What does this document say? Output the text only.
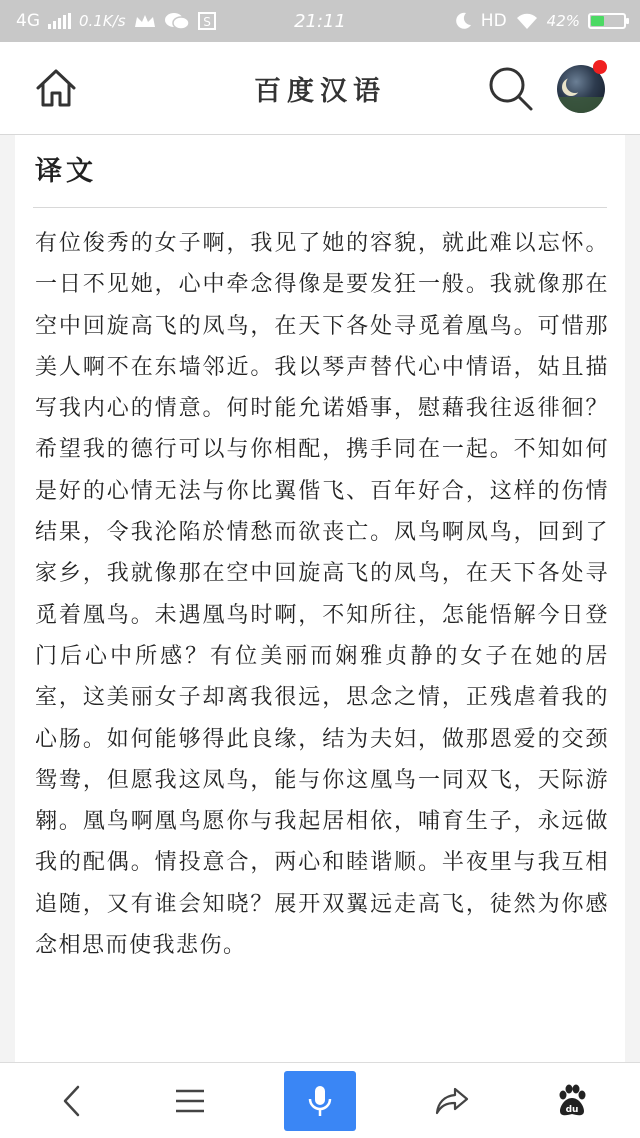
4G	0.1K/s	S	21:11	HD	42%
百度汉语
译文
有位俊秀的女子啊，我见了她的容貌，就此难以忘怀。一日不见她，心中牵念得像是要发狂一般。我就像那在空中回旋高飞的凤鸟，在天下各处寻觅着凰鸟。可惜那美人啊不在东墙邻近。我以琴声替代心中情语，姑且描写我内心的情意。何时能允诺婚事，慰藉我往返徘徊？希望我的德行可以与你相配，携手同在一起。不知如何是好的心情无法与你比翼偕飞、百年好合，这样的伤情结果，令我沦陷於情愁而欲丧亡。凤鸟啊凤鸟，回到了家乡，我就像那在空中回旋高飞的凤鸟，在天下各处寻觅着凰鸟。未遇凰鸟时啊，不知所往，怎能悟解今日登门后心中所感？有位美丽而娴雅贞静的女子在她的居室，这美丽女子却离我很远，思念之情，正残虐着我的心肠。如何能够得此良缘，结为夫妇，做那恩爱的交颈鸳鸯，但愿我这凤鸟，能与你这凰鸟一同双飞，天际游翱。凰鸟啊凰鸟愿你与我起居相依，哺育生子，永远做我的配偶。情投意合，两心和睦谐顺。半夜里与我互相追随，又有谁会知晓？展开双翼远走高飞，徒然为你感念相思而使我悲伤。
du
